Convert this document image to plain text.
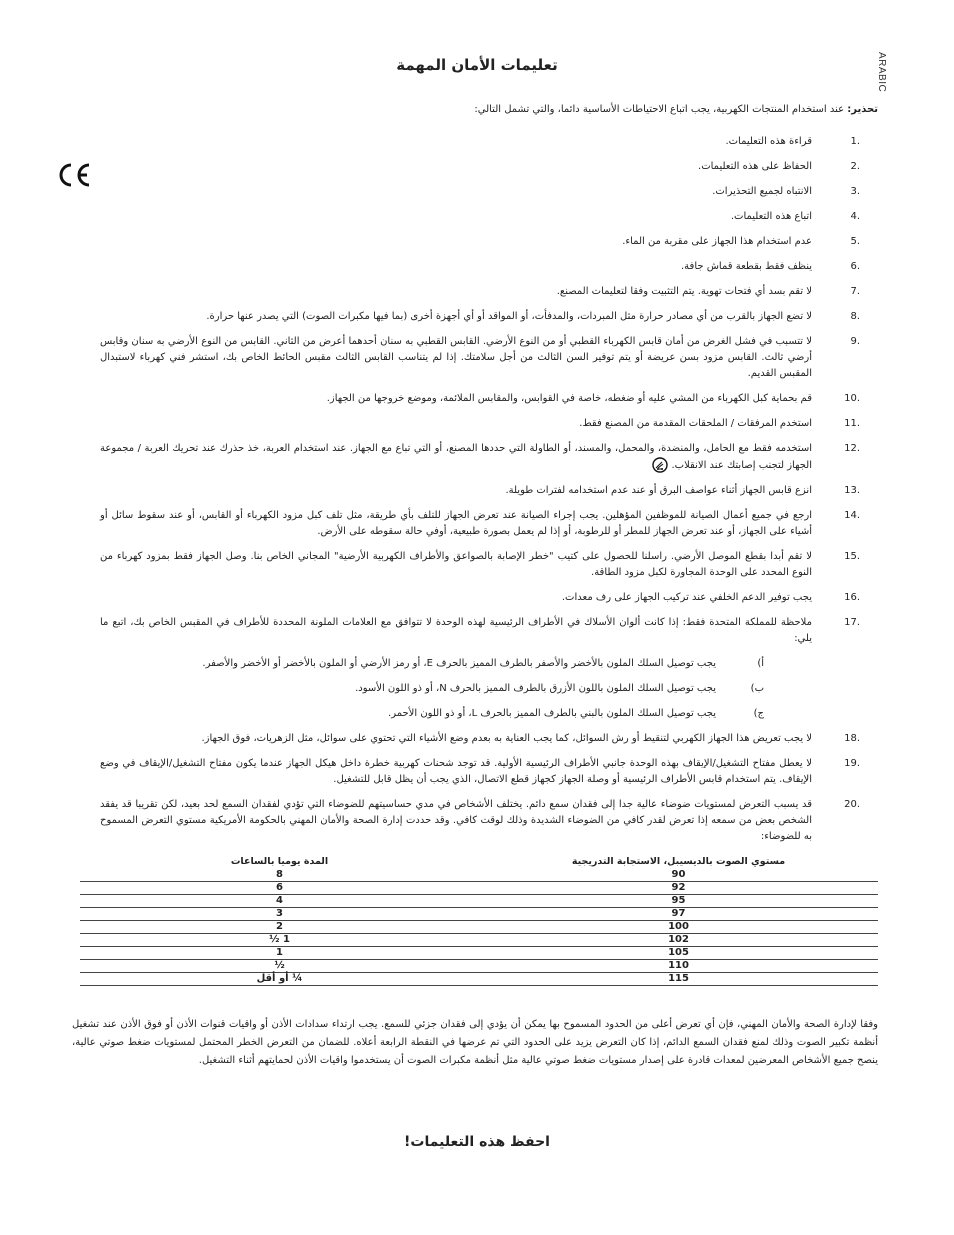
ARABIC
تعليمات الأمان المهمة

تحذير: عند استخدام المنتجات الكهربية، يجب اتباع الاحتياطات الأساسية دائما، والتي تشمل التالي:

1.
قراءة هذه التعليمات.
2.
الحفاظ على هذه التعليمات.
3.
الانتباه لجميع التحذيرات.
4.
اتباع هذه التعليمات.
5.
عدم استخدام هذا الجهاز على مقربة من الماء.
6.
ينظف فقط بقطعة قماش جافة.
7.
لا تقم بسد أي فتحات تهوية. يتم التثبيت وفقا لتعليمات المصنع.
8.
لا تضع الجهاز بالقرب من أي مصادر حرارة مثل المبردات، والمدفأت، أو المواقد أو أي أجهزة أخرى (بما فيها مكبرات الصوت) التي يصدر عنها حرارة.
9.
لا تتسبب في فشل الغرض من أمان قابس الكهرباء القطبي أو من النوع الأرضي. القابس القطبي به سنان أحدهما أعرض من الثاني. القابس من النوع الأرضي به سنان وقابس أرضي ثالث. القابس مزود بسن عريضة أو يتم توفير السن الثالث من أجل سلامتك. إذا لم يتناسب القابس الثالث مقبس الحائط الخاص بك، استشر فني كهرباء لاستبدال المقبس القديم.
10.
قم بحماية كبل الكهرباء من المشي عليه أو ضغطه، خاصة في القوابس، والمقابس الملائمة، وموضع خروجها من الجهاز.
11.
استخدم المرفقات / الملحقات المقدمة من المصنع فقط.
12.
استخدمه فقط مع الحامل، والمنضدة، والمحمل، والمسند، أو الطاولة التي حددها المصنع، أو التي تباع مع الجهاز. عند استخدام العربة، خذ حذرك عند تحريك العربة / مجموعة الجهاز لتجنب إصابتك عند الانقلاب.
13.
انزع قابس الجهاز أثناء عواصف البرق أو عند عدم استخدامه لفترات طويلة.
14.
ارجع في جميع أعمال الصيانة للموظفين المؤهلين. يجب إجراء الصيانة عند تعرض الجهاز للتلف بأي طريقة، مثل تلف كبل مزود الكهرباء أو القابس، أو عند سقوط سائل أو أشياء على الجهاز، أو عند تعرض الجهاز للمطر أو للرطوبة، أو إذا لم يعمل بصورة طبيعية، أوفي حالة سقوطه على الأرض.
15.
لا تقم أبدا بقطع الموصل الأرضي. راسلنا للحصول على كتيب "خطر الإصابة بالصواعق والأطراف الكهربية الأرضية" المجاني الخاص بنا. وصل الجهاز فقط بمزود كهرباء من النوع المحدد على الوحدة المجاورة لكبل مزود الطاقة.
16.
يجب توفير الدعم الخلفي عند تركيب الجهاز على رف معدات.
17.
ملاحظة للمملكة المتحدة فقط: إذا كانت ألوان الأسلاك في الأطراف الرئيسية لهذه الوحدة لا تتوافق مع العلامات الملونة المحددة للأطراف في المقبس الخاص بك، اتبع ما يلي:
أ)
يجب توصيل السلك الملون بالأخضر والأصفر بالطرف المميز بالحرف E، أو رمز الأرضي أو الملون بالأخضر أو الأخضر والأصفر.
ب)
يجب توصيل السلك الملون باللون الأزرق بالطرف المميز بالحرف N، أو ذو اللون الأسود.
ج)
يجب توصيل السلك الملون بالبني بالطرف المميز بالحرف L، أو ذو اللون الأحمر.
18.
لا يجب تعريض هذا الجهاز الكهربي لتنقيط أو رش السوائل، كما يجب العناية به بعدم وضع الأشياء التي تحتوي على سوائل، مثل الزهريات، فوق الجهاز.
19.
لا يعطل مفتاح التشغيل/الإيقاف بهذه الوحدة جانبي الأطراف الرئيسية الأولية. قد توجد شحنات كهربية خطرة داخل هيكل الجهاز عندما يكون مفتاح التشغيل/الإيقاف في وضع الإيقاف. يتم استخدام قابس الأطراف الرئيسية أو وصلة الجهاز كجهاز قطع الاتصال، الذي يجب أن يظل قابل للتشغيل.
20.
قد يسبب التعرض لمستويات ضوضاء عالية جدا إلى فقدان سمع دائم. يختلف الأشخاص في مدي حساسيتهم للضوضاء التي تؤدي لفقدان السمع لحد بعيد، لكن تقريبا قد يفقد الشخص بعض من سمعه إذا تعرض لقدر كافي من الضوضاء الشديدة وذلك لوقت كافي. وقد حددت إدارة الصحة والأمان المهني بالحكومة الأمريكية مستوي التعرض المسموح به للضوضاء:
مستوي الصوت بالديسيبل، الاستجابة التدريجية	المدة يوميا بالساعات
90	8
92	6
95	4
97	3
100	2
102	1 ½
105	1
110	½
115	¼ أو أقل

وفقا لإدارة الصحة والأمان المهني، فإن أي تعرض أعلى من الحدود المسموح بها يمكن أن يؤدي إلى فقدان جزئي للسمع. يجب ارتداء سدادات الأذن أو واقيات قنوات الأذن أو فوق الأذن عند تشغيل أنظمة تكبير الصوت وذلك لمنع فقدان السمع الدائم، إذا كان التعرض يزيد على الحدود التي تم عرضها في النقطة الرابعة أعلاه. للضمان من التعرض الخطر المحتمل لمستويات ضغط صوتي عالية، ينصح جميع الأشخاص المعرضين لمعدات قادرة على إصدار مستويات ضغط صوتي عالية مثل أنظمة مكبرات الصوت أن يستخدموا واقيات الأذن لحمايتهم أثناء التشغيل.

احفظ هذه التعليمات!
